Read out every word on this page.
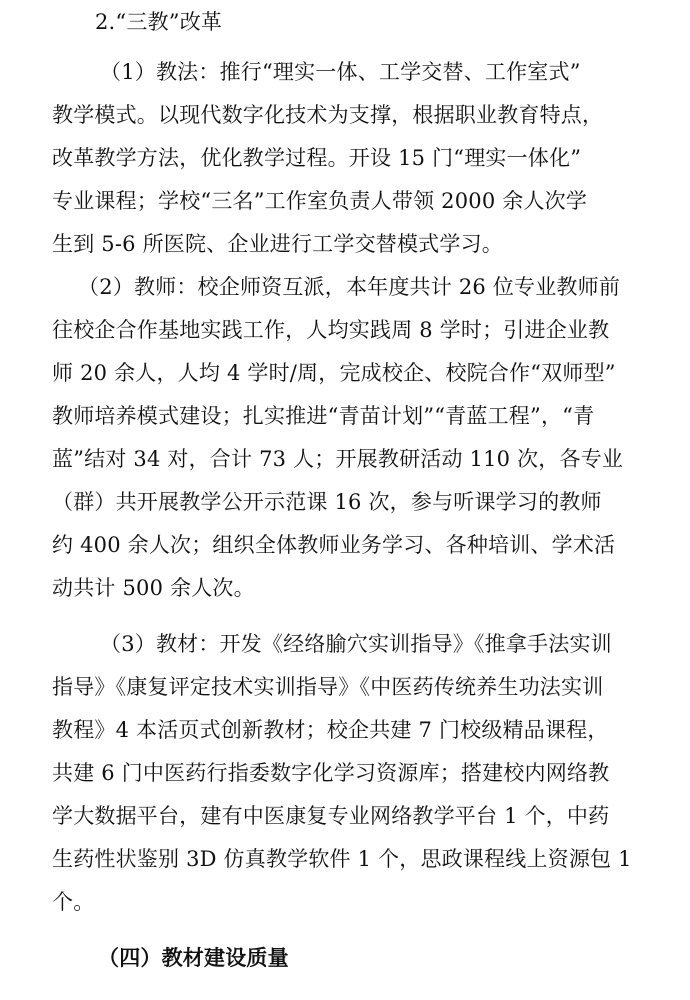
2.“三教”改革
（1）教法：推行“理实一体、工学交替、工作室式”
教学模式。以现代数字化技术为支撑，根据职业教育特点，
改革教学方法，优化教学过程。开设 15 门“理实一体化”
专业课程；学校“三名”工作室负责人带领 2000 余人次学
生到 5-6 所医院、企业进行工学交替模式学习。
（2）教师：校企师资互派，本年度共计 26 位专业教师前
往校企合作基地实践工作，人均实践周 8 学时；引进企业教
师 20 余人，人均 4 学时/周，完成校企、校院合作“双师型”
教师培养模式建设；扎实推进“青苗计划”“青蓝工程”，“青
蓝”结对 34 对，合计 73 人；开展教研活动 110 次，各专业
（群）共开展教学公开示范课 16 次，参与听课学习的教师
约 400 余人次；组织全体教师业务学习、各种培训、学术活
动共计 500 余人次。
（3）教材：开发《经络腧穴实训指导》《推拿手法实训
指导》《康复评定技术实训指导》《中医药传统养生功法实训
教程》4 本活页式创新教材；校企共建 7 门校级精品课程，
共建 6 门中医药行指委数字化学习资源库；搭建校内网络教
学大数据平台，建有中医康复专业网络教学平台 1 个，中药
生药性状鉴别 3D 仿真教学软件 1 个，思政课程线上资源包 1
个。
（四）教材建设质量
